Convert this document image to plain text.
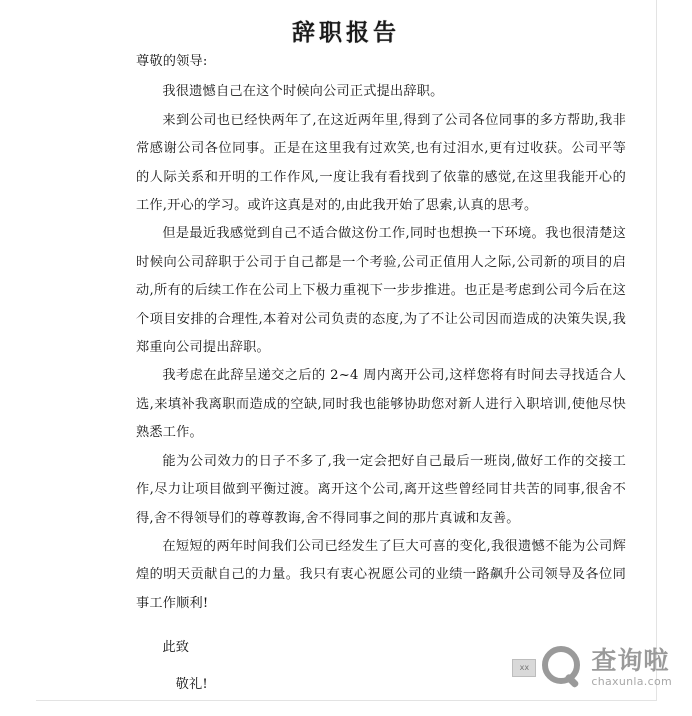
辞职报告

尊敬的领导:

我很遗憾自己在这个时候向公司正式提出辞职。

来到公司也已经快两年了,在这近两年里,得到了公司各位同事的多方帮助,我非常感谢公司各位同事。正是在这里我有过欢笑,也有过泪水,更有过收获。公司平等的人际关系和开明的工作作风,一度让我有看找到了依靠的感觉,在这里我能开心的工作,开心的学习。或许这真是对的,由此我开始了思索,认真的思考。

但是最近我感觉到自己不适合做这份工作,同时也想换一下环境。我也很清楚这时候向公司辞职于公司于自己都是一个考验,公司正值用人之际,公司新的项目的启动,所有的后续工作在公司上下极力重视下一步步推进。也正是考虑到公司今后在这个项目安排的合理性,本着对公司负责的态度,为了不让公司因而造成的决策失误,我郑重向公司提出辞职。

我考虑在此辞呈递交之后的 2~4 周内离开公司,这样您将有时间去寻找适合人选,来填补我离职而造成的空缺,同时我也能够协助您对新人进行入职培训,使他尽快熟悉工作。

能为公司效力的日子不多了,我一定会把好自己最后一班岗,做好工作的交接工作,尽力让项目做到平衡过渡。离开这个公司,离开这些曾经同甘共苦的同事,很舍不得,舍不得领导们的尊尊教诲,舍不得同事之间的那片真诚和友善。

在短短的两年时间我们公司已经发生了巨大可喜的变化,我很遗憾不能为公司辉煌的明天贡献自己的力量。我只有衷心祝愿公司的业绩一路飙升公司领导及各位同事工作顺利!

此致

敬礼!

xx 查询啦
chaxunla.com
